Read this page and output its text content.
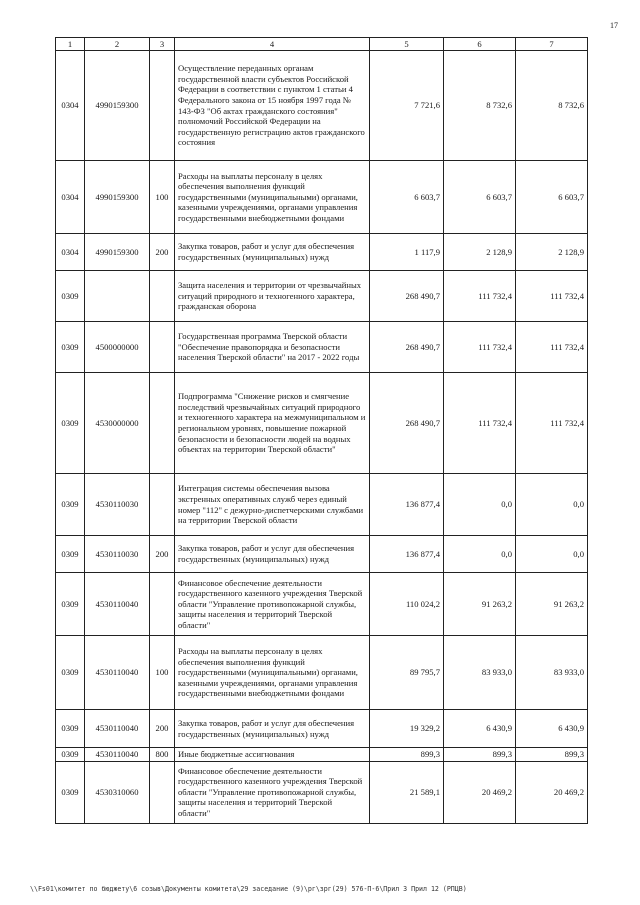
17
1	2	3	4	5	6	7
0304	4990159300		Осуществление переданных органам государственной власти субъектов Российской Федерации в соответствии с пунктом 1 статьи 4 Федерального закона от 15 ноября 1997 года № 143-ФЗ "Об актах гражданского состояния" полномочий Российской Федерации на государственную регистрацию актов гражданского состояния	7 721,6	8 732,6	8 732,6
0304	4990159300	100	Расходы на выплаты персоналу в целях обеспечения выполнения функций государственными (муниципальными) органами, казенными учреждениями, органами управления государственными внебюджетными фондами	6 603,7	6 603,7	6 603,7
0304	4990159300	200	Закупка товаров, работ и услуг для обеспечения государственных (муниципальных) нужд	1 117,9	2 128,9	2 128,9
0309			Защита населения и территории от чрезвычайных ситуаций природного и техногенного характера, гражданская оборона	268 490,7	111 732,4	111 732,4
0309	4500000000		Государственная программа Тверской области "Обеспечение правопорядка и безопасности населения Тверской области" на 2017 - 2022 годы	268 490,7	111 732,4	111 732,4
0309	4530000000		Подпрограмма "Снижение рисков и смягчение последствий чрезвычайных ситуаций природного и техногенного характера на межмуниципальном и региональном уровнях, повышение пожарной безопасности и безопасности людей на водных объектах на территории Тверской области"	268 490,7	111 732,4	111 732,4
0309	4530110030		Интеграция системы обеспечения вызова экстренных оперативных служб через единый номер "112" с дежурно-диспетчерскими службами на территории Тверской области	136 877,4	0,0	0,0
0309	4530110030	200	Закупка товаров, работ и услуг для обеспечения государственных (муниципальных) нужд	136 877,4	0,0	0,0
0309	4530110040		Финансовое обеспечение деятельности государственного казенного учреждения Тверской области "Управление противопожарной службы, защиты населения и территорий Тверской области"	110 024,2	91 263,2	91 263,2
0309	4530110040	100	Расходы на выплаты персоналу в целях обеспечения выполнения функций государственными (муниципальными) органами, казенными учреждениями, органами управления государственными внебюджетными фондами	89 795,7	83 933,0	83 933,0
0309	4530110040	200	Закупка товаров, работ и услуг для обеспечения государственных (муниципальных) нужд	19 329,2	6 430,9	6 430,9
0309	4530110040	800	Иные бюджетные ассигнования	899,3	899,3	899,3
0309	4530310060		Финансовое обеспечение деятельности государственного казенного учреждения Тверской области "Управление противопожарной службы, защиты населения и территорий Тверской области"	21 589,1	20 469,2	20 469,2
\\Fs01\комитет по бюджету\6 созыв\Документы комитета\29 заседание (9)\рг\зрг(29) 576-П-6\Прил 3 Прил 12 (РПЦВ)
